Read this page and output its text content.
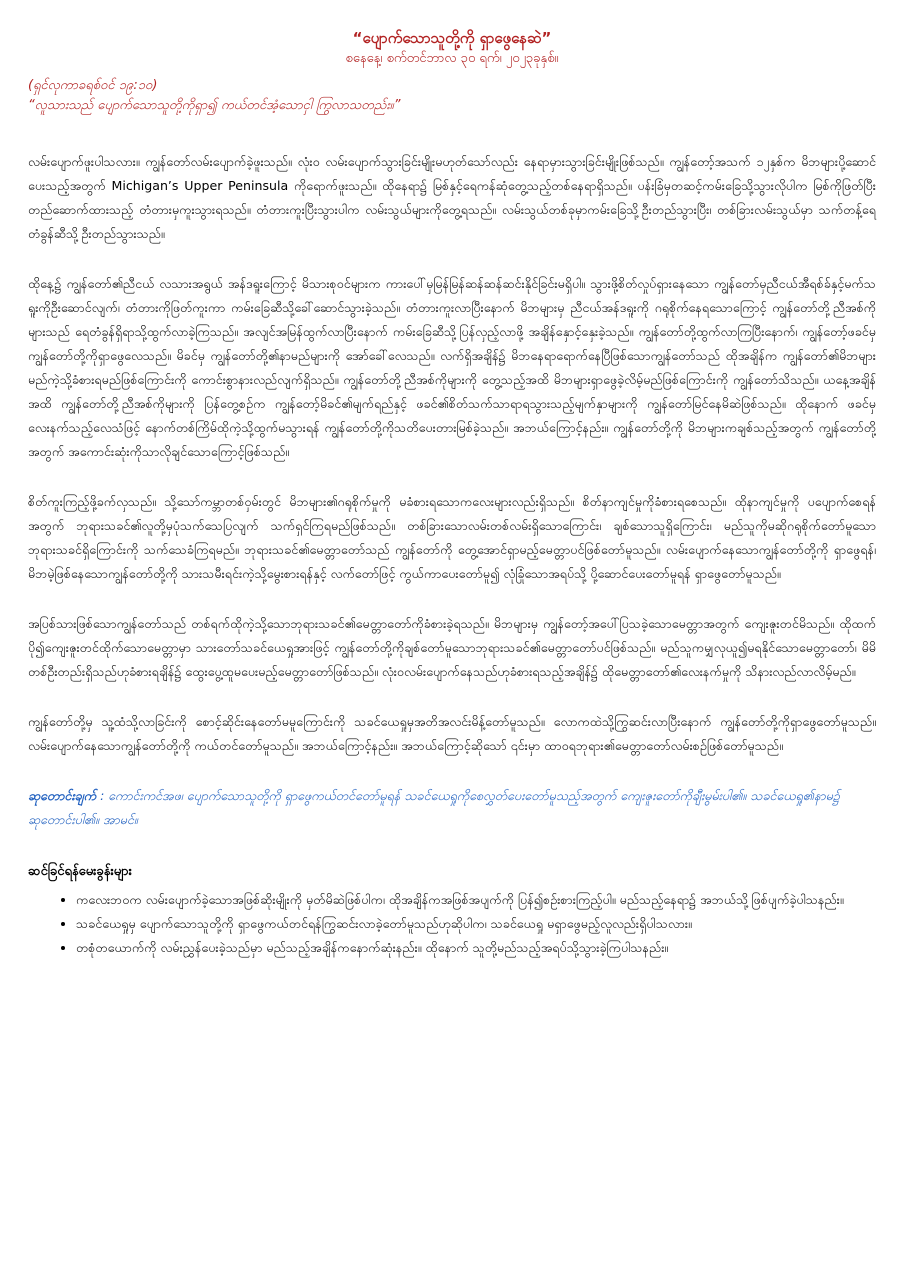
“ပျောက်သောသူတို့ကို ရှာဖွေနေဆဲ”

စနေနေ့၊ စက်တင်ဘာလ ၃၀ ရက်၊ ၂၀၂၃ခုနှစ်။

(ရှင်လုကာခရစ်ဝင် ၁၉:၁၀)

“လူသားသည် ပျောက်သောသူတို့ကိုရှာ၍ ကယ်တင်အံ့သောငှါ ကြွလာသတည်း။”

လမ်းပျောက်ဖူးပါသလား။ ကျွန်တော်လမ်းပျောက်ခဲ့ဖူးသည်။ လုံးဝ လမ်းပျောက်သွားခြင်းမျိုးမဟုတ်သော်လည်း နေရာမှားသွားခြင်းမျိုးဖြစ်သည်။ ကျွန်တော့်အသက် ၁၂နှစ်က မိဘများပို့ဆောင်ပေးသည့်အတွက် Michigan’s Upper Peninsula ကိုရောက်ဖူးသည်။ ထိုနေရာ၌ မြစ်နှင့်ရေကန်ဆုံတွေ့သည့်တစ်နေရာရှိသည်။ ပန်းခြံမှတဆင့်ကမ်းခြေသို့သွားလိုပါက မြစ်ကိုဖြတ်ပြီးတည်ဆောက်ထားသည့် တံတားမှကူးသွားရသည်။ တံတားကူးပြီးသွားပါက လမ်းသွယ်များကိုတွေ့ရသည်။ လမ်းသွယ်တစ်ခုမှာကမ်းခြေသို့ဦးတည်သွားပြီး၊ တစ်ခြားလမ်းသွယ်မှာ သက်တန့်ရေ တံခွန်ဆီသို့ဦးတည်သွားသည်။

ထိုနေ့၌ ကျွန်တော်၏ညီငယ် လသားအရွယ် အန်ဒရူးကြောင့် မိသားစုဝင်များက ကားပေါ်မှမြန်မြန်ဆန်ဆန်ဆင်းနိုင်ခြင်းမရှိပါ။ သွားဖို့စိတ်လှုပ်ရှားနေသော ကျွန်တော်မှညီငယ်အီရစ်ခ်နှင့်မက်သရူးကိုဦးဆောင်လျက်၊ တံတားကိုဖြတ်ကူးကာ ကမ်းခြေဆီသို့ခေါ်ဆောင်သွားခဲ့သည်။ တံတားကူးလာပြီးနောက် မိဘများမှ ညီငယ်အန်ဒရူးကို ဂရုစိုက်နေရသောကြောင့် ကျွန်တော်တို့ညီအစ်ကိုများသည် ရေတံခွန်ရှိရာသို့ထွက်လာခဲ့ကြသည်။ အလျင်အမြန်ထွက်လာပြီးနောက် ကမ်းခြေဆီသို့ပြန်လှည့်လာဖို့ အချိန်နှောင့်နှေးခဲ့သည်။ ကျွန်တော်တို့ထွက်လာကြပြီးနောက်၊ ကျွန်တော့်ဖခင်မှ ကျွန်တော်တို့ကိုရှာဖွေလေသည်။ မိခင်မှ ကျွန်တော်တို့၏နာမည်များကို အော်ခေါ်လေသည်။ လက်ရှိအချိန်၌ မိဘနေရာရောက်နေပြီဖြစ်သောကျွန်တော်သည် ထိုအချိန်က ကျွန်တော်၏မိဘများမည်ကဲ့သို့ခံစားရမည်ဖြစ်ကြောင်းကို ကောင်းစွာနားလည်လျက်ရှိသည်။ ကျွန်တော်တို့ညီအစ်ကိုများကို တွေ့သည့်အထိ မိဘများရှာဖွေခဲ့လိမ့်မည်ဖြစ်ကြောင်းကို ကျွန်တော်သိသည်။ ယနေ့အချိန်အထိ ကျွန်တော်တို့ညီအစ်ကိုများကို ပြန်တွေ့စဉ်က ကျွန်တော့်မိခင်၏မျက်ရည်နှင့် ဖခင်၏စိတ်သက်သာရာရသွားသည့်မျက်နှာများကို ကျွန်တော်မြင်နေမိဆဲဖြစ်သည်။ ထိုနောက် ဖခင်မှလေးနက်သည့်လေသံဖြင့် နောက်တစ်ကြိမ်ထိုကဲ့သို့ထွက်မသွားရန် ကျွန်တော်တို့ကိုသတိပေးတားမြစ်ခဲ့သည်။ အဘယ်ကြောင့်နည်း။ ကျွန်တော်တို့ကို မိဘများကချစ်သည့်အတွက် ကျွန်တော်တို့အတွက် အကောင်းဆုံးကိုသာလိုချင်သောကြောင့်ဖြစ်သည်။

စိတ်ကူးကြည့်ဖို့ခက်လှသည်။ သို့သော်ကမ္ဘာတစ်ဝှမ်းတွင် မိဘများ၏ဂရုစိုက်မှုကို မခံစားရသောကလေးများလည်းရှိသည်။ စိတ်နာကျင်မှုကိုခံစားရစေသည်။ ထိုနာကျင်မှုကို ပပျောက်စေရန်အတွက် ဘုရားသခင်၏လူတို့မှပုံသက်သေပြလျက် သက်ရှင်ကြရမည်ဖြစ်သည်။ တစ်ခြားသောလမ်းတစ်လမ်းရှိသောကြောင်း၊ ချစ်သောသူရှိကြောင်း၊ မည်သူကိုမဆိုဂရုစိုက်တော်မူသောဘုရားသခင်ရှိကြောင်းကို သက်သေခံကြရမည်။ ဘုရားသခင်၏မေတ္တာတော်သည် ကျွန်တော်ကို တွေ့အောင်ရှာမည့်မေတ္တာပင်ဖြစ်တော်မူသည်။ လမ်းပျောက်နေသောကျွန်တော်တို့ကို ရှာဖွေရန်၊ မိဘမဲ့ဖြစ်နေသောကျွန်တော်တို့ကို သားသမီးရင်းကဲ့သို့မွေးစားရန်နှင့် လက်တော်ဖြင့် ကွယ်ကာပေးတော်မူ၍ လုံခြုံသောအရပ်သို့ ပို့ဆောင်ပေးတော်မူရန် ရှာဖွေတော်မူသည်။

အပြစ်သားဖြစ်သောကျွန်တော်သည် တစ်ရက်ထိုကဲ့သို့သောဘုရားသခင်၏မေတ္တာတော်ကိုခံစားခဲ့ရသည်။ မိဘများမှ ကျွန်တော့်အပေါ်ပြသခဲ့သောမေတ္တာအတွက် ကျေးဇူးတင်မိသည်။ ထိုထက်ပို၍ကျေးဇူးတင်ထိုက်သောမေတ္တာမှာ သားတော်သခင်ယေရှုအားဖြင့် ကျွန်တော်တို့ကိုချစ်တော်မူသောဘုရားသခင်၏မေတ္တာတော်ပင်ဖြစ်သည်။ မည်သူကမျှလုယူ၍မရနိုင်သောမေတ္တာတော်၊ မိမိတစ်ဦးတည်းရှိသည်ဟုခံစားရချိန်၌ ထွေးပွေ့ထူမပေးမည့်မေတ္တာတော်ဖြစ်သည်။ လုံးဝလမ်းပျောက်နေသည်ဟုခံစားရသည့်အချိန်၌ ထိုမေတ္တာတော်၏လေးနက်မှုကို သိနားလည်လာလိမ့်မည်။

ကျွန်တော်တို့မှ သူ့ထံသို့လာခြင်းကို စောင့်ဆိုင်းနေတော်မမူကြောင်းကို သခင်ယေရှုမှအတိအလင်းမိန့်တော်မူသည်။ လောကထဲသို့ကြွဆင်းလာပြီးနောက် ကျွန်တော်တို့ကိုရှာဖွေတော်မူသည်။ လမ်းပျောက်နေသောကျွန်တော်တို့ကို ကယ်တင်တော်မူသည်။ အဘယ်ကြောင့်နည်း။ အဘယ်ကြောင့်ဆိုသော် ၎င်းမှာ ထာဝရဘုရား၏မေတ္တာတော်လမ်းစဉ်ဖြစ်တော်မူသည်။

ဆုတောင်းချက် : ကောင်းကင်အဖ၊ ပျောက်သောသူတို့ကို ရှာဖွေကယ်တင်တော်မူရန် သခင်ယေရှုကိုစေလွှတ်ပေးတော်မူသည့်အတွက် ကျေးဇူးတော်ကိုချီးမွမ်းပါ၏။ သခင်ယေရှု၏နာမ၌ ဆုတောင်းပါ၏။ အာမင်။

ဆင်ခြင်ရန်မေးခွန်းများ

• ကလေးဘဝက လမ်းပျောက်ခဲ့သောအဖြစ်ဆိုးမျိုးကို မှတ်မိဆဲဖြစ်ပါက၊ ထိုအချိန်ကအဖြစ်အပျက်ကို ပြန်၍စဉ်းစားကြည့်ပါ။ မည်သည့်နေရာ၌ အဘယ်သို့ဖြစ်ပျက်ခဲ့ပါသနည်း။
• သခင်ယေရှုမှ ပျောက်သောသူတို့ကို ရှာဖွေကယ်တင်ရန်ကြွဆင်းလာခဲ့တော်မူသည်ဟုဆိုပါက၊ သခင်ယေရှု မရှာဖွေမည့်လူလည်းရှိပါသလား။
• တစုံတယောက်ကို လမ်းညွှန်ပေးခဲ့သည်မှာ မည်သည့်အချိန်ကနောက်ဆုံးနည်း။ ထိုနောက် သူတို့မည်သည့်အရပ်သို့သွားခဲ့ကြပါသနည်း။
